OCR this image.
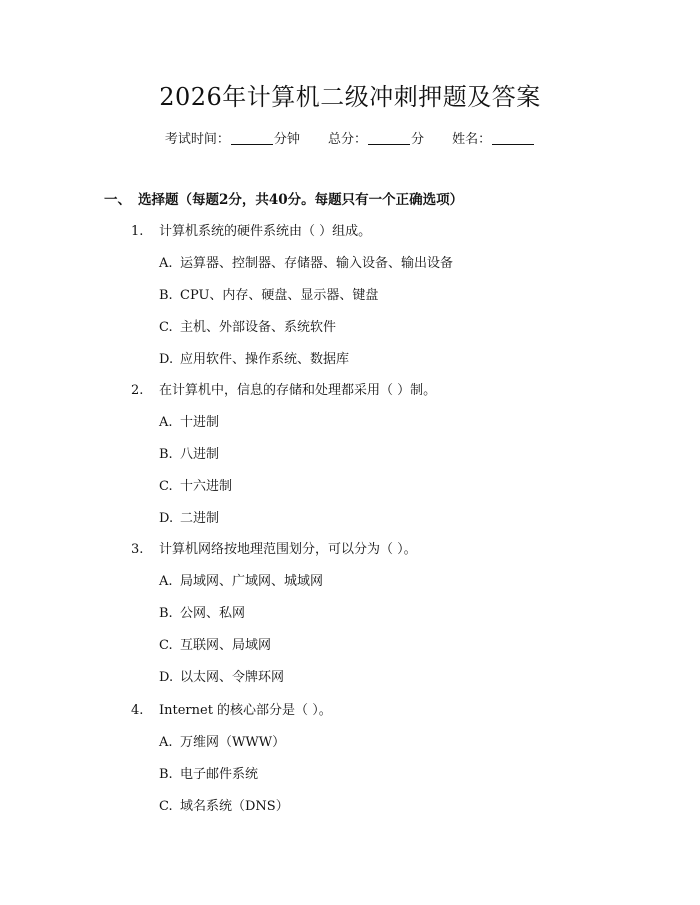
2026年计算机二级冲刺押题及答案
考试时间：	分钟 总分：	分 姓名：
一、 选择题（每题2分，共40分。每题只有一个正确选项）
1. 计算机系统的硬件系统由（ ）组成。
A. 运算器、控制器、存储器、输入设备、输出设备
B. CPU、内存、硬盘、显示器、键盘
C. 主机、外部设备、系统软件
D. 应用软件、操作系统、数据库
2. 在计算机中，信息的存储和处理都采用（ ）制。
A. 十进制
B. 八进制
C. 十六进制
D. 二进制
3. 计算机网络按地理范围划分，可以分为（ ）。
A. 局域网、广域网、城域网
B. 公网、私网
C. 互联网、局域网
D. 以太网、令牌环网
4. Internet 的核心部分是（ ）。
A. 万维网（WWW）
B. 电子邮件系统
C. 域名系统（DNS）
